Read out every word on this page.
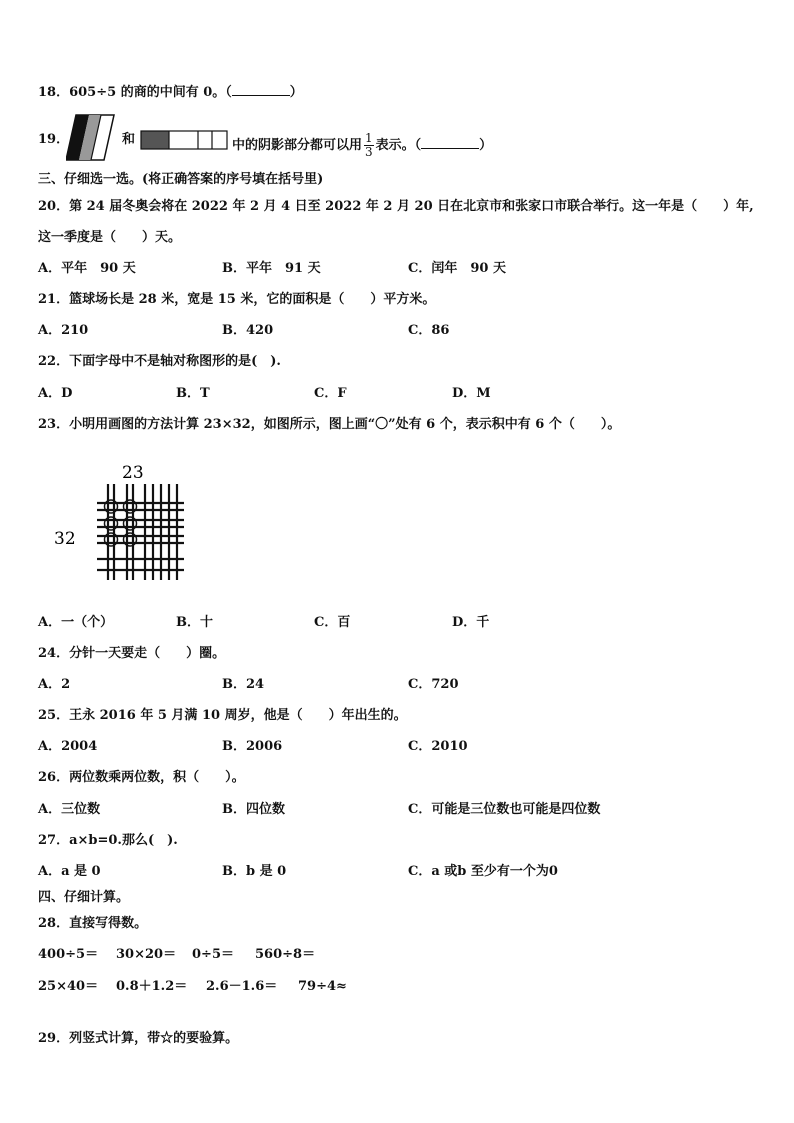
18．605÷5 的商的中间有 0。（	）
19．	和	中的阴影部分都可以用 $\frac{1}{3}$ 表示。（	）
三、仔细选一选。(将正确答案的序号填在括号里)
20．第 24 届冬奥会将在 2022 年 2 月 4 日至 2022 年 2 月 20 日在北京市和张家口市联合举行。这一年是（　　）年,
这一季度是（　　）天。
A．平年　90 天	B．平年　91 天	C．闰年　90 天
21．篮球场长是 28 米，宽是 15 米，它的面积是（　　）平方米。
A．210	B．420	C．86
22．下面字母中不是轴对称图形的是(　).
A．D	B．T	C．F	D．M
23．小明用画图的方法计算 23×32，如图所示，图上画“〇”处有 6 个，表示积中有 6 个（　　）。
23
32
A．一（个）	B．十	C．百	D．千
24．分针一天要走（　　）圈。
A．2	B．24	C．720
25．王永 2016 年 5 月满 10 周岁，他是（　　）年出生的。
A．2004	B．2006	C．2010
26．两位数乘两位数，积（　　）。
A．三位数	B．四位数	C．可能是三位数也可能是四位数
27．a×b=0.那么(　).
A．a 是 0	B．b 是 0	C．a 或b 至少有一个为0
四、仔细计算。
28．直接写得数。
400÷5＝ 30×20＝ 0÷5＝ 560÷8＝
25×40＝ 0.8＋1.2＝ 2.6－1.6＝ 79÷4≈
29．列竖式计算，带☆的要验算。
